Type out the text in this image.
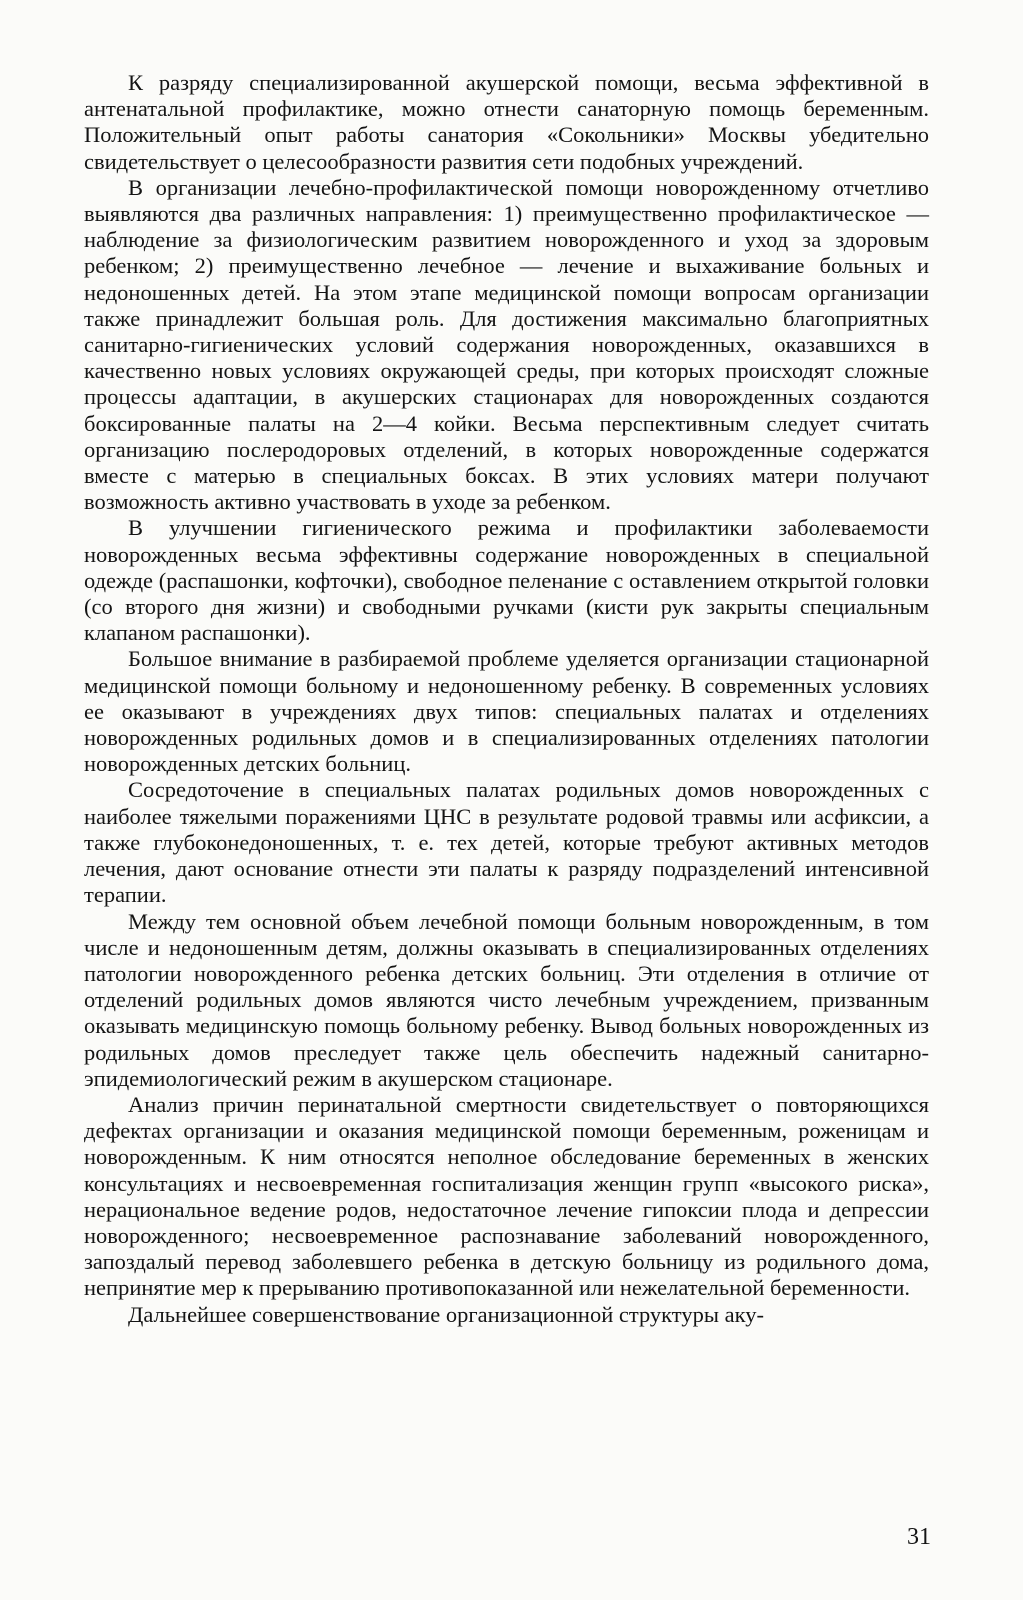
К разряду специализированной акушерской помощи, весьма эффективной в антенатальной профилактике, можно отнести санаторную помощь беременным. Положительный опыт работы санатория «Сокольники» Москвы убедительно свидетельствует о целесообразности развития сети подобных учреждений.

В организации лечебно-профилактической помощи новорожденному отчетливо выявляются два различных направления: 1) преимущественно профилактическое — наблюдение за физиологическим развитием новорожденного и уход за здоровым ребенком; 2) преимущественно лечебное — лечение и выхаживание больных и недоношенных детей. На этом этапе медицинской помощи вопросам организации также принадлежит большая роль. Для достижения максимально благоприятных санитарно-гигиенических условий содержания новорожденных, оказавшихся в качественно новых условиях окружающей среды, при которых происходят сложные процессы адаптации, в акушерских стационарах для новорожденных создаются боксированные палаты на 2—4 койки. Весьма перспективным следует считать организацию послеродоровых отделений, в которых новорожденные содержатся вместе с матерью в специальных боксах. В этих условиях матери получают возможность активно участвовать в уходе за ребенком.

В улучшении гигиенического режима и профилактики заболеваемости новорожденных весьма эффективны содержание новорожденных в специальной одежде (распашонки, кофточки), свободное пеленание с оставлением открытой головки (со второго дня жизни) и свободными ручками (кисти рук закрыты специальным клапаном распашонки).

Большое внимание в разбираемой проблеме уделяется организации стационарной медицинской помощи больному и недоношенному ребенку. В современных условиях ее оказывают в учреждениях двух типов: специальных палатах и отделениях новорожденных родильных домов и в специализированных отделениях патологии новорожденных детских больниц.

Сосредоточение в специальных палатах родильных домов новорожденных с наиболее тяжелыми поражениями ЦНС в результате родовой травмы или асфиксии, а также глубоконедоношенных, т. е. тех детей, которые требуют активных методов лечения, дают основание отнести эти палаты к разряду подразделений интенсивной терапии.

Между тем основной объем лечебной помощи больным новорожденным, в том числе и недоношенным детям, должны оказывать в специализированных отделениях патологии новорожденного ребенка детских больниц. Эти отделения в отличие от отделений родильных домов являются чисто лечебным учреждением, призванным оказывать медицинскую помощь больному ребенку. Вывод больных новорожденных из родильных домов преследует также цель обеспечить надежный санитарно-эпидемиологический режим в акушерском стационаре.

Анализ причин перинатальной смертности свидетельствует о повторяющихся дефектах организации и оказания медицинской помощи беременным, роженицам и новорожденным. К ним относятся неполное обследование беременных в женских консультациях и несвоевременная госпитализация женщин групп «высокого риска», нерациональное ведение родов, недостаточное лечение гипоксии плода и депрессии новорожденного; несвоевременное распознавание заболеваний новорожденного, запоздалый перевод заболевшего ребенка в детскую больницу из родильного дома, непринятие мер к прерыванию противопоказанной или нежелательной беременности.

Дальнейшее совершенствование организационной структуры аку-

31
